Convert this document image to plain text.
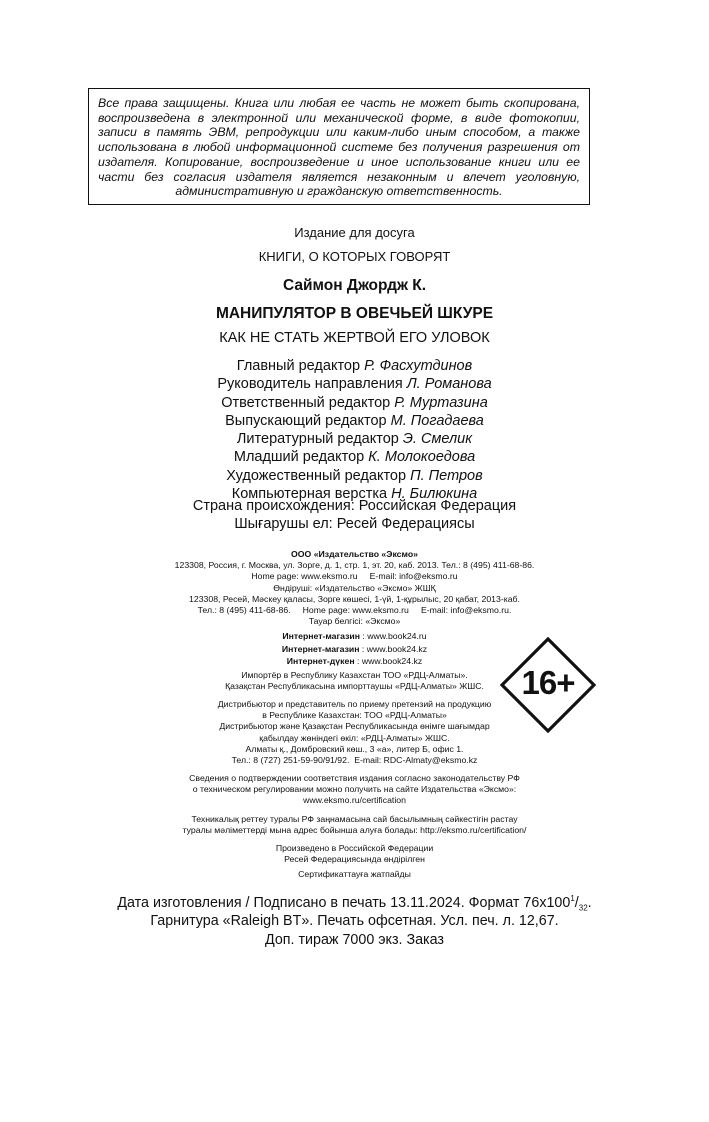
Все права защищены. Книга или любая ее часть не может быть скопирована, воспроизведена в электронной или механической форме, в виде фотокопии, записи в память ЭВМ, репродукции или каким-либо иным способом, а также использована в любой информационной системе без получения разрешения от издателя. Копирование, воспроизведение и иное использование книги или ее части без согласия издателя является незаконным и влечет уголовную, административную и гражданскую ответственность.
Издание для досуга
КНИГИ, О КОТОРЫХ ГОВОРЯТ
Саймон Джордж К.
МАНИПУЛЯТОР В ОВЕЧЬЕЙ ШКУРЕ
КАК НЕ СТАТЬ ЖЕРТВОЙ ЕГО УЛОВОК
Главный редактор Р. Фасхутдинов
Руководитель направления Л. Романова
Ответственный редактор Р. Муртазина
Выпускающий редактор М. Погадаева
Литературный редактор Э. Смелик
Младший редактор К. Молокоедова
Художественный редактор П. Петров
Компьютерная верстка Н. Билюкина
Страна происхождения: Российская Федерация
Шығарушы ел: Ресей Федерациясы
ООО «Издательство «Эксмо»
123308, Россия, г. Москва, ул. Зорге, д. 1, стр. 1, эт. 20, каб. 2013. Тел.: 8 (495) 411-68-86.
Home page: www.eksmo.ru     E-mail: info@eksmo.ru
Өндіруші: «Издательство «Эксмо» ЖШҚ
123308, Ресей, Мәскеу қаласы, Зорге көшесі, 1-үй, 1-құрылыс, 20 қабат, 2013-каб.
Тел.: 8 (495) 411-68-86.     Home page: www.eksmo.ru     E-mail: info@eksmo.ru.
Тауар белгісі: «Эксмо»
Интернет-магазин : www.book24.ru
Интернет-магазин : www.book24.kz
Интернет-дүкен : www.book24.kz
Импортёр в Республику Казахстан ТОО «РДЦ-Алматы».
Қазақстан Республикасына импорттаушы «РДЦ-Алматы» ЖШС.
Дистрибьютор и представитель по приему претензий на продукцию
в Республике Казахстан: ТОО «РДЦ-Алматы»
Дистрибьютор және Қазақстан Республикасында өнімге шағымдар
қабылдау жөніндегі өкіл: «РДЦ-Алматы» ЖШС.
Алматы қ., Домбровский көш., 3 «а», литер Б, офис 1.
Тел.: 8 (727) 251-59-90/91/92.  E-mail: RDC-Almaty@eksmo.kz
Сведения о подтверждении соответствия издания согласно законодательству РФ
о техническом регулировании можно получить на сайте Издательства «Эксмо»:
www.eksmo.ru/certification
Техникалық реттеу туралы РФ заңнамасына сай басылымның сәйкестігін растау
туралы мәліметтерді мына адрес бойынша алуға болады: http://eksmo.ru/certification/
Произведено в Российской Федерации
Ресей Федерациясында өндірілген
Сертификаттауға жатпайды
16+
Дата изготовления / Подписано в печать 13.11.2024. Формат $76x100^1/_{32}$.
Гарнитура «Raleigh BT». Печать офсетная. Усл. печ. л. 12,67.
Доп. тираж 7000 экз. Заказ
